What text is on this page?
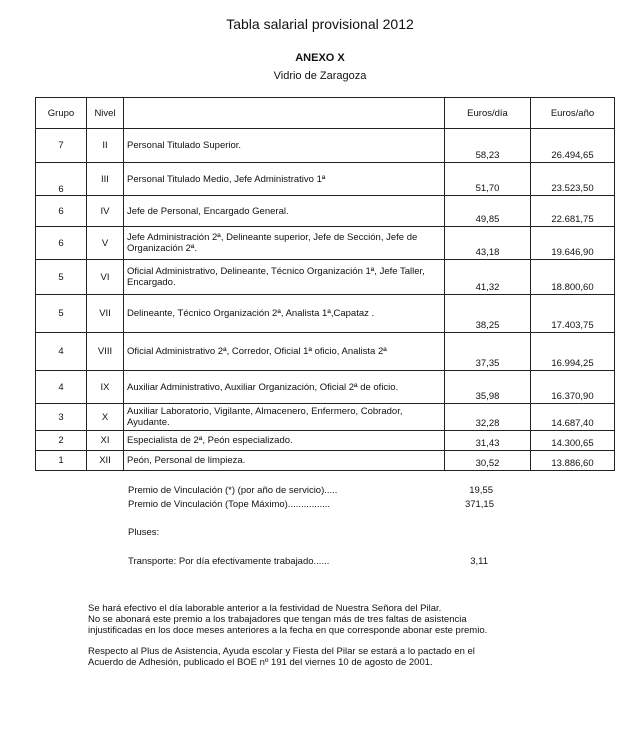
Tabla salarial provisional 2012
ANEXO X
Vidrio de Zaragoza
Grupo	Nivel		Euros/día	Euros/año
7	II	Personal Titulado Superior.	58,23	26.494,65
6	III	Personal Titulado Medio, Jefe Administrativo 1ª	51,70	23.523,50
6	IV	Jefe de Personal, Encargado General.	49,85	22.681,75
6	V	Jefe Administración 2ª, Delineante superior, Jefe de Sección, Jefe de Organización 2ª.	43,18	19.646,90
5	VI	Oficial Administrativo, Delineante, Técnico Organización 1ª, Jefe Taller, Encargado.	41,32	18.800,60
5	VII	Delineante, Técnico Organización 2ª, Analista 1ª,Capataz .	38,25	17.403,75
4	VIII	Oficial Administrativo 2ª, Corredor, Oficial 1ª oficio, Analista 2ª	37,35	16.994,25
4	IX	Auxiliar Administrativo, Auxiliar Organización, Oficial 2ª de oficio.	35,98	16.370,90
3	X	Auxiliar Laboratorio, Vigilante, Almacenero, Enfermero, Cobrador, Ayudante.	32,28	14.687,40
2	XI	Especialista de 2ª, Peón especializado.	31,43	14.300,65
1	XII	Peón, Personal de limpieza.	30,52	13.886,60
Premio de Vinculación (*) (por año de servicio).....	19,55
Premio de Vinculación (Tope Máximo)................	371,15
Pluses:
Transporte: Por día efectivamente trabajado......	3,11

Se hará efectivo el día laborable anterior a la festividad de Nuestra Señora del Pilar.

No se abonará este premio a los trabajadores que tengan más de tres faltas de asistencia

injustificadas en los doce meses anteriores a la fecha en que corresponde abonar este premio.

Respecto al Plus de Asistencia, Ayuda escolar y Fiesta del Pilar se estará a lo pactado en el

Acuerdo de Adhesión, publicado el BOE nº 191 del viernes 10 de agosto de 2001.
